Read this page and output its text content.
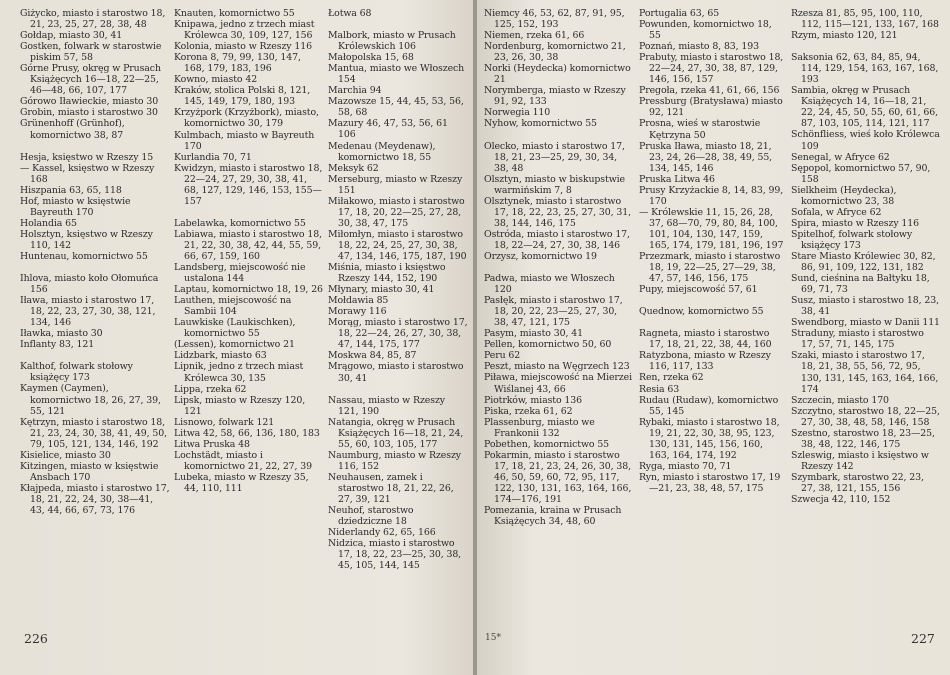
Giżycko, miasto i starostwo 18, 21, 23, 25, 27, 28, 38, 48

Gołdap, miasto 30, 41

Gostken, folwark w starostwie piskim 57, 58

Górne Prusy, okręg w Prusach Książęcych 16—18, 22—25, 46—48, 66, 107, 177

Górowo Iławieckie, miasto 30

Grobin, miasto i starostwo 30

Grünenhoff (Grünhof), komornictwo 38, 87

Hesja, księstwo w Rzeszy 15

— Kassel, księstwo w Rzeszy 168

Hiszpania 63, 65, 118

Hof, miasto w księstwie Bayreuth 170

Holandia 65

Holsztyn, księstwo w Rzeszy 110, 142

Huntenau, komornictwo 55

Ihlova, miasto koło Ołomuńca 156

Iława, miasto i starostwo 17, 18, 22, 23, 27, 30, 38, 121, 134, 146

Iławka, miasto 30

Inflanty 83, 121

Kalthof, folwark stołowy książęcy 173

Kaymen (Caymen), komornictwo 18, 26, 27, 39, 55, 121

Kętrzyn, miasto i starostwo 18, 21, 23, 24, 30, 38, 41, 49, 50, 79, 105, 121, 134, 146, 192

Kisielice, miasto 30

Kitzingen, miasto w księstwie Ansbach 170

Kłajpeda, miasto i starostwo 17, 18, 21, 22, 24, 30, 38—41, 43, 44, 66, 67, 73, 176

Knauten, komornictwo 55

Knipawa, jedno z trzech miast Królewca 30, 109, 127, 156

Kolonia, miasto w Rzeszy 116

Korona 8, 79, 99, 130, 147, 168, 179, 183, 196

Kowno, miasto 42

Kraków, stolica Polski 8, 121, 145, 149, 179, 180, 193

Krzyżpork (Krzyżbork), miasto, komornictwo 30, 179

Kulmbach, miasto w Bayreuth 170

Kurlandia 70, 71

Kwidzyn, miasto i starostwo 18, 22—24, 27, 29, 30, 38, 41, 68, 127, 129, 146, 153, 155—157

Labelawka, komornictwo 55

Labiawa, miasto i starostwo 18, 21, 22, 30, 38, 42, 44, 55, 59, 66, 67, 159, 160

Landsberg, miejscowość nie ustalona 144

Laptau, komornictwo 18, 19, 26

Lauthen, miejscowość na Sambii 104

Lauwkiske (Laukischken), komornictwo 55

(Lessen), komornictwo 21

Lidzbark, miasto 63

Lipnik, jedno z trzech miast Królewca 30, 135

Lippa, rzeka 62

Lipsk, miasto w Rzeszy 120, 121

Lisnowo, folwark 121

Litwa 42, 58, 66, 136, 180, 183

Litwa Pruska 48

Lochstädt, miasto i komornictwo 21, 22, 27, 39

Lubeka, miasto w Rzeszy 35, 44, 110, 111

Łotwa 68

Malbork, miasto w Prusach Królewskich 106

Małopolska 15, 68

Mantua, miasto we Włoszech 154

Marchia 94

Mazowsze 15, 44, 45, 53, 56, 58, 68

Mazury 46, 47, 53, 56, 61 106

Medenau (Meydenaw), komornictwo 18, 55

Meksyk 62

Merseburg, miasto w Rzeszy 151

Miłakowo, miasto i starostwo 17, 18, 20, 22—25, 27, 28, 30, 38, 47, 175

Miłomłyn, miasto i starostwo 18, 22, 24, 25, 27, 30, 38, 47, 134, 146, 175, 187, 190

Miśnia, miasto i księstwo Rzeszy 144, 152, 190

Młynary, miasto 30, 41

Mołdawia 85

Morawy 116

Morąg, miasto i starostwo 17, 18, 22—24, 26, 27, 30, 38, 47, 144, 175, 177

Moskwa 84, 85, 87

Mrągowo, miasto i starostwo 30, 41

Nassau, miasto w Rzeszy 121, 190

Natangia, okręg w Prusach Książęcych 16—18, 21, 24, 55, 60, 103, 105, 177

Naumburg, miasto w Rzeszy 116, 152

Neuhausen, zamek i starostwo 18, 21, 22, 26, 27, 39, 121

Neuhof, starostwo dziedziczne 18

Niderlandy 62, 65, 166

Nidzica, miasto i starostwo 17, 18, 22, 23—25, 30, 38, 45, 105, 144, 145

226

Niemcy 46, 53, 62, 87, 91, 95, 125, 152, 193

Niemen, rzeka 61, 66

Nordenburg, komornictwo 21, 23, 26, 30, 38

Norki (Heydecka) komornictwo 21

Norymberga, miasto w Rzeszy 91, 92, 133

Norwegia 110

Nyhow, komornictwo 55

Olecko, miasto i starostwo 17, 18, 21, 23—25, 29, 30, 34, 38, 48

Olsztyn, miasto w biskupstwie warmińskim 7, 8

Olsztynek, miasto i starostwo 17, 18, 22, 23, 25, 27, 30, 31, 38, 144, 146, 175

Ostróda, miasto i starostwo 17, 18, 22—24, 27, 30, 38, 146

Orzysz, komornictwo 19

Padwa, miasto we Włoszech 120

Pasłęk, miasto i starostwo 17, 18, 20, 22, 23—25, 27, 30, 38, 47, 121, 175

Pasym, miasto 30, 41

Pellen, komornictwo 50, 60

Peru 62

Peszt, miasto na Węgrzech 123

Piława, miejscowość na Mierzei Wiślanej 43, 66

Piotrków, miasto 136

Piska, rzeka 61, 62

Plassenburg, miasto we Frankonii 132

Pobethen, komornictwo 55

Pokarmin, miasto i starostwo 17, 18, 21, 23, 24, 26, 30, 38, 46, 50, 59, 60, 72, 95, 117, 122, 130, 131, 163, 164, 166, 174—176, 191

Pomezania, kraina w Prusach Książęcych 34, 48, 60

Portugalia 63, 65

Powunden, komornictwo 18, 55

Poznań, miasto 8, 83, 193

Prabuty, miasto i starostwo 18, 22—24, 27, 30, 38, 87, 129, 146, 156, 157

Pregoła, rzeka 41, 61, 66, 156

Pressburg (Bratysława) miasto 92, 121

Prosna, wieś w starostwie Kętrzyna 50

Pruska Iława, miasto 18, 21, 23, 24, 26—28, 38, 49, 55, 134, 145, 146

Pruska Litwa 46

Prusy Krzyżackie 8, 14, 83, 99, 170

— Królewskie 11, 15, 26, 28, 37, 68—70, 79, 80, 84, 100, 101, 104, 130, 147, 159, 165, 174, 179, 181, 196, 197

Przezmark, miasto i starostwo 18, 19, 22—25, 27—29, 38, 47, 57, 146, 156, 175

Pupy, miejscowość 57, 61

Quednow, komornictwo 55

Ragneta, miasto i starostwo 17, 18, 21, 22, 38, 44, 160

Ratyzbona, miasto w Rzeszy 116, 117, 133

Ren, rzeka 62

Resia 63

Rudau (Rudaw), komornictwo 55, 145

Rybaki, miasto i starostwo 18, 19, 21, 22, 30, 38, 95, 123, 130, 131, 145, 156, 160, 163, 164, 174, 192

Ryga, miasto 70, 71

Ryn, miasto i starostwo 17, 19—21, 23, 38, 48, 57, 175

Rzesza 81, 85, 95, 100, 110, 112, 115—121, 133, 167, 168

Rzym, miasto 120, 121

Saksonia 62, 63, 84, 85, 94, 114, 129, 154, 163, 167, 168, 193

Sambia, okręg w Prusach Książęcych 14, 16—18, 21, 22, 24, 45, 50, 55, 60, 61, 66, 87, 103, 105, 114, 121, 117

Schönfliess, wieś koło Królewca 109

Senegal, w Afryce 62

Sępopol, komornictwo 57, 90, 158

Sielkheim (Heydecka), komornictwo 23, 38

Sofala, w Afryce 62

Spira, miasto w Rzeszy 116

Spitelhof, folwark stołowy książęcy 173

Stare Miasto Królewiec 30, 82, 86, 91, 109, 122, 131, 182

Sund, cieśnina na Bałtyku 18, 69, 71, 73

Susz, miasto i starostwo 18, 23, 38, 41

Swendborg, miasto w Danii 111

Straduny, miasto i starostwo 17, 57, 71, 145, 175

Szaki, miasto i starostwo 17, 18, 21, 38, 55, 56, 72, 95, 130, 131, 145, 163, 164, 166, 174

Szczecin, miasto 170

Szczytno, starostwo 18, 22—25, 27, 30, 38, 48, 58, 146, 158

Szestno, starostwo 18, 23—25, 38, 48, 122, 146, 175

Szleswig, miasto i księstwo w Rzeszy 142

Szymbark, starostwo 22, 23, 27, 38, 121, 155, 156

Szwecja 42, 110, 152

15*	227
